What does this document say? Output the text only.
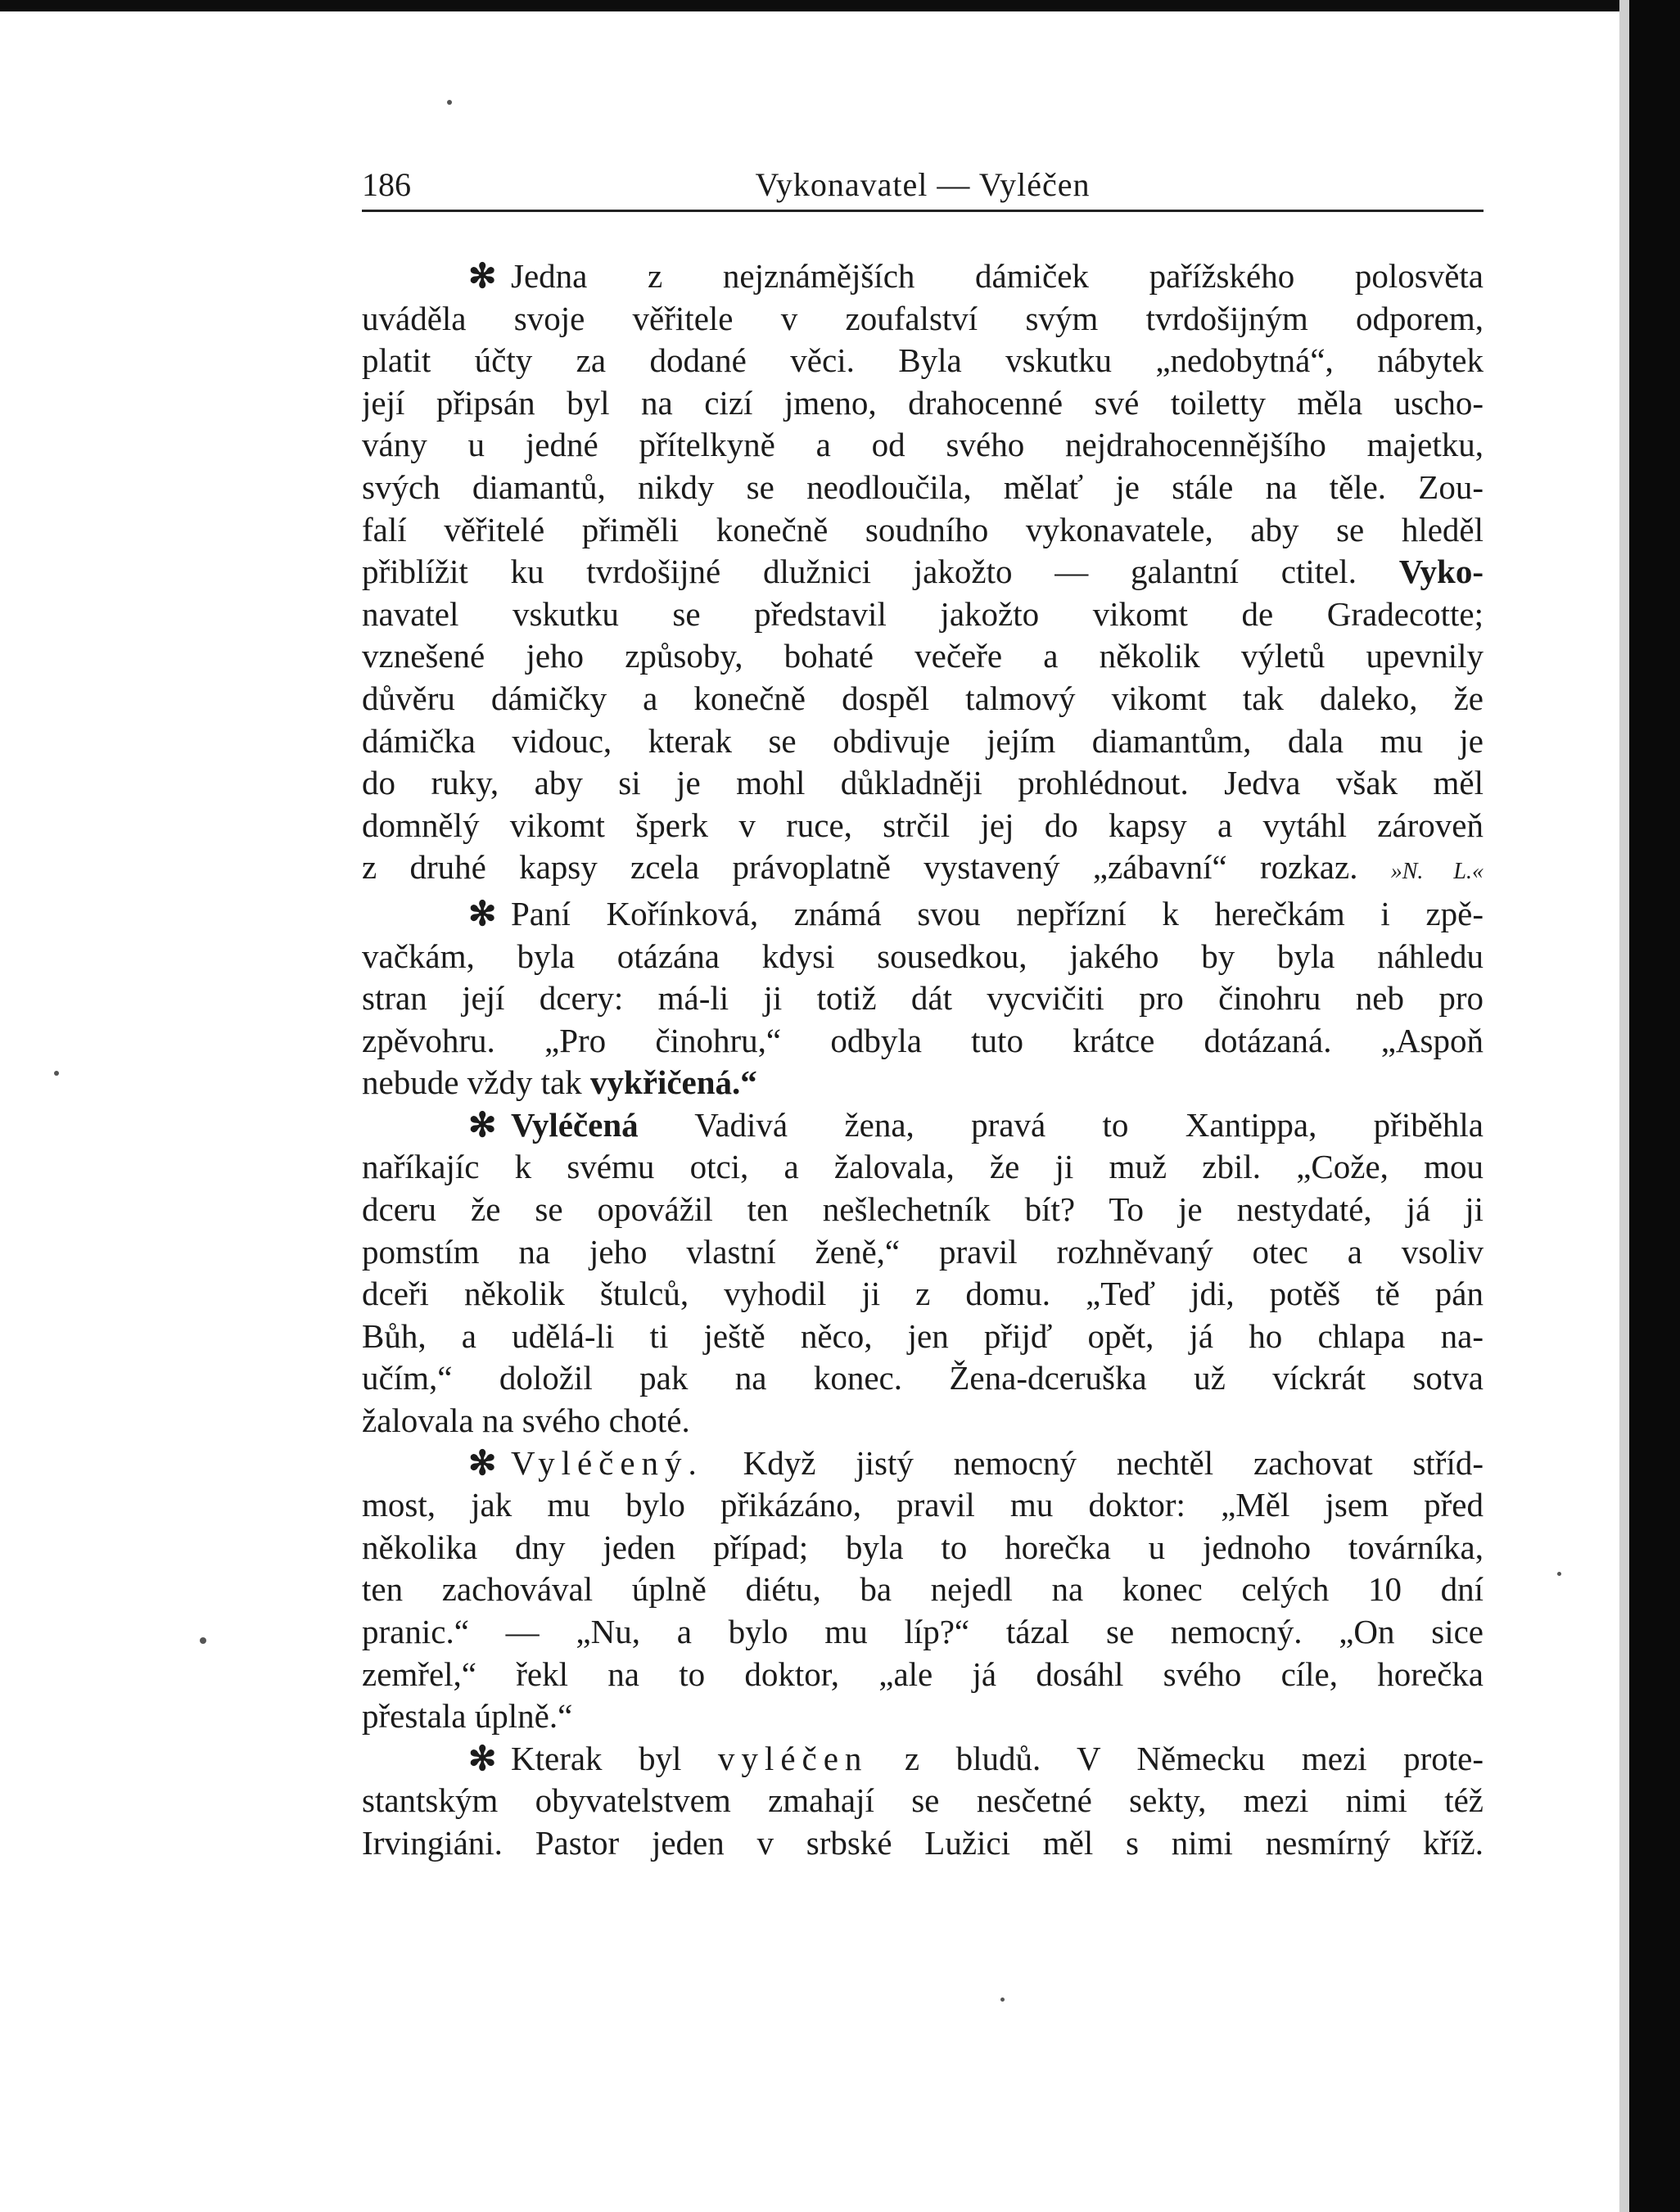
186	Vykonavatel — Vyléčen
✻ Jedna z nejznámějších dámiček pařížského polosvěta
uváděla svoje věřitele v zoufalství svým tvrdošijným odporem,
platit účty za dodané věci. Byla vskutku „nedobytná“, nábytek
její připsán byl na cizí jmeno, drahocenné své toiletty měla uscho-
vány u jedné přítelkyně a od svého nejdrahocennějšího majetku,
svých diamantů, nikdy se neodloučila, mělať je stále na těle. Zou-
falí věřitelé přiměli konečně soudního vykonavatele, aby se hleděl
přiblížit ku tvrdošijné dlužnici jakožto — galantní ctitel. Vyko-
navatel vskutku se představil jakožto vikomt de Gradecotte;
vznešené jeho způsoby, bohaté večeře a několik výletů upevnily
důvěru dámičky a konečně dospěl talmový vikomt tak daleko, že
dámička vidouc, kterak se obdivuje jejím diamantům, dala mu je
do ruky, aby si je mohl důkladněji prohlédnout. Jedva však měl
domnělý vikomt šperk v ruce, strčil jej do kapsy a vytáhl zároveň
z druhé kapsy zcela právoplatně vystavený „zábavní“ rozkaz. »N. L.«
✻ Paní Kořínková, známá svou nepřízní k herečkám i zpě-
vačkám, byla otázána kdysi sousedkou, jakého by byla náhledu
stran její dcery: má-li ji totiž dát vycvičiti pro činohru neb pro
zpěvohru. „Pro činohru,“ odbyla tuto krátce dotázaná. „Aspoň
nebude vždy tak vykřičená.“
✻ Vyléčená Vadivá žena, pravá to Xantippa, přiběhla
naříkajíc k svému otci, a žalovala, že ji muž zbil. „Cože, mou
dceru že se opovážil ten nešlechetník bít? To je nestydaté, já ji
pomstím na jeho vlastní ženě,“ pravil rozhněvaný otec a vsoliv
dceři několik štulců, vyhodil ji z domu. „Teď jdi, potěš tě pán
Bůh, a udělá-li ti ještě něco, jen přijď opět, já ho chlapa na-
učím,“ doložil pak na konec. Žena-dceruška už víckrát sotva
žalovala na svého choté.
✻ Vyléčený. Když jistý nemocný nechtěl zachovat stříd-
most, jak mu bylo přikázáno, pravil mu doktor: „Měl jsem před
několika dny jeden případ; byla to horečka u jednoho továrníka,
ten zachovával úplně diétu, ba nejedl na konec celých 10 dní
pranic.“ — „Nu, a bylo mu líp?“ tázal se nemocný. „On sice
zemřel,“ řekl na to doktor, „ale já dosáhl svého cíle, horečka
přestala úplně.“
✻ Kterak byl vyléčen z bludů. V Německu mezi prote-
stantským obyvatelstvem zmahají se nesčetné sekty, mezi nimi též
Irvingiáni. Pastor jeden v srbské Lužici měl s nimi nesmírný kříž.
